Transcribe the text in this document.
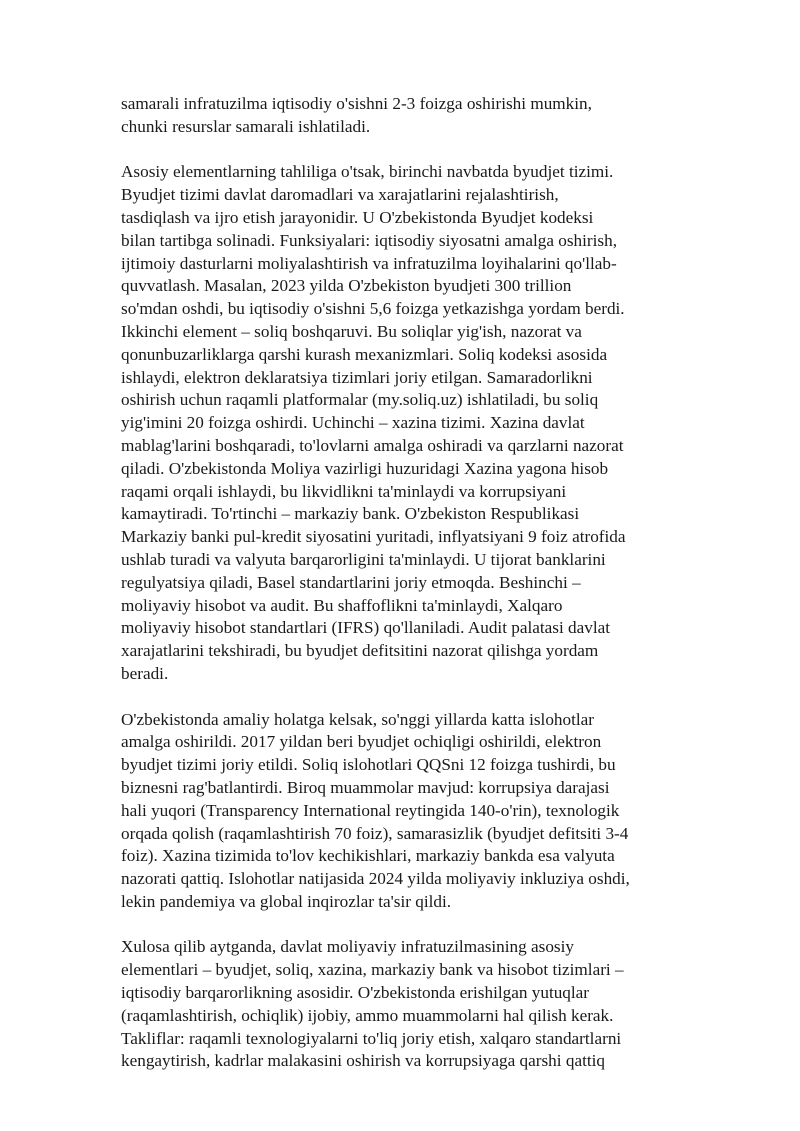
samarali infratuzilma iqtisodiy o'sishni 2-3 foizga oshirishi mumkin,
chunki resurslar samarali ishlatiladi.

Asosiy elementlarning tahliliga o'tsak, birinchi navbatda byudjet tizimi.
Byudjet tizimi davlat daromadlari va xarajatlarini rejalashtirish,
tasdiqlash va ijro etish jarayonidir. U O'zbekistonda Byudjet kodeksi
bilan tartibga solinadi. Funksiyalari: iqtisodiy siyosatni amalga oshirish,
ijtimoiy dasturlarni moliyalashtirish va infratuzilma loyihalarini qo'llab-
quvvatlash. Masalan, 2023 yilda O'zbekiston byudjeti 300 trillion
so'mdan oshdi, bu iqtisodiy o'sishni 5,6 foizga yetkazishga yordam berdi.
Ikkinchi element – soliq boshqaruvi. Bu soliqlar yig'ish, nazorat va
qonunbuzarliklarga qarshi kurash mexanizmlari. Soliq kodeksi asosida
ishlaydi, elektron deklaratsiya tizimlari joriy etilgan. Samaradorlikni
oshirish uchun raqamli platformalar (my.soliq.uz) ishlatiladi, bu soliq
yig'imini 20 foizga oshirdi. Uchinchi – xazina tizimi. Xazina davlat
mablag'larini boshqaradi, to'lovlarni amalga oshiradi va qarzlarni nazorat
qiladi. O'zbekistonda Moliya vazirligi huzuridagi Xazina yagona hisob
raqami orqali ishlaydi, bu likvidlikni ta'minlaydi va korrupsiyani
kamaytiradi. To'rtinchi – markaziy bank. O'zbekiston Respublikasi
Markaziy banki pul-kredit siyosatini yuritadi, inflyatsiyani 9 foiz atrofida
ushlab turadi va valyuta barqarorligini ta'minlaydi. U tijorat banklarini
regulyatsiya qiladi, Basel standartlarini joriy etmoqda. Beshinchi –
moliyaviy hisobot va audit. Bu shaffoflikni ta'minlaydi, Xalqaro
moliyaviy hisobot standartlari (IFRS) qo'llaniladi. Audit palatasi davlat
xarajatlarini tekshiradi, bu byudjet defitsitini nazorat qilishga yordam
beradi.

O'zbekistonda amaliy holatga kelsak, so'nggi yillarda katta islohotlar
amalga oshirildi. 2017 yildan beri byudjet ochiqligi oshirildi, elektron
byudjet tizimi joriy etildi. Soliq islohotlari QQSni 12 foizga tushirdi, bu
biznesni rag'batlantirdi. Biroq muammolar mavjud: korrupsiya darajasi
hali yuqori (Transparency International reytingida 140-o'rin), texnologik
orqada qolish (raqamlashtirish 70 foiz), samarasizlik (byudjet defitsiti 3-4
foiz). Xazina tizimida to'lov kechikishlari, markaziy bankda esa valyuta
nazorati qattiq. Islohotlar natijasida 2024 yilda moliyaviy inkluziya oshdi,
lekin pandemiya va global inqirozlar ta'sir qildi.

Xulosa qilib aytganda, davlat moliyaviy infratuzilmasining asosiy
elementlari – byudjet, soliq, xazina, markaziy bank va hisobot tizimlari –
iqtisodiy barqarorlikning asosidir. O'zbekistonda erishilgan yutuqlar
(raqamlashtirish, ochiqlik) ijobiy, ammo muammolarni hal qilish kerak.
Takliflar: raqamli texnologiyalarni to'liq joriy etish, xalqaro standartlarni
kengaytirish, kadrlar malakasini oshirish va korrupsiyaga qarshi qattiq
